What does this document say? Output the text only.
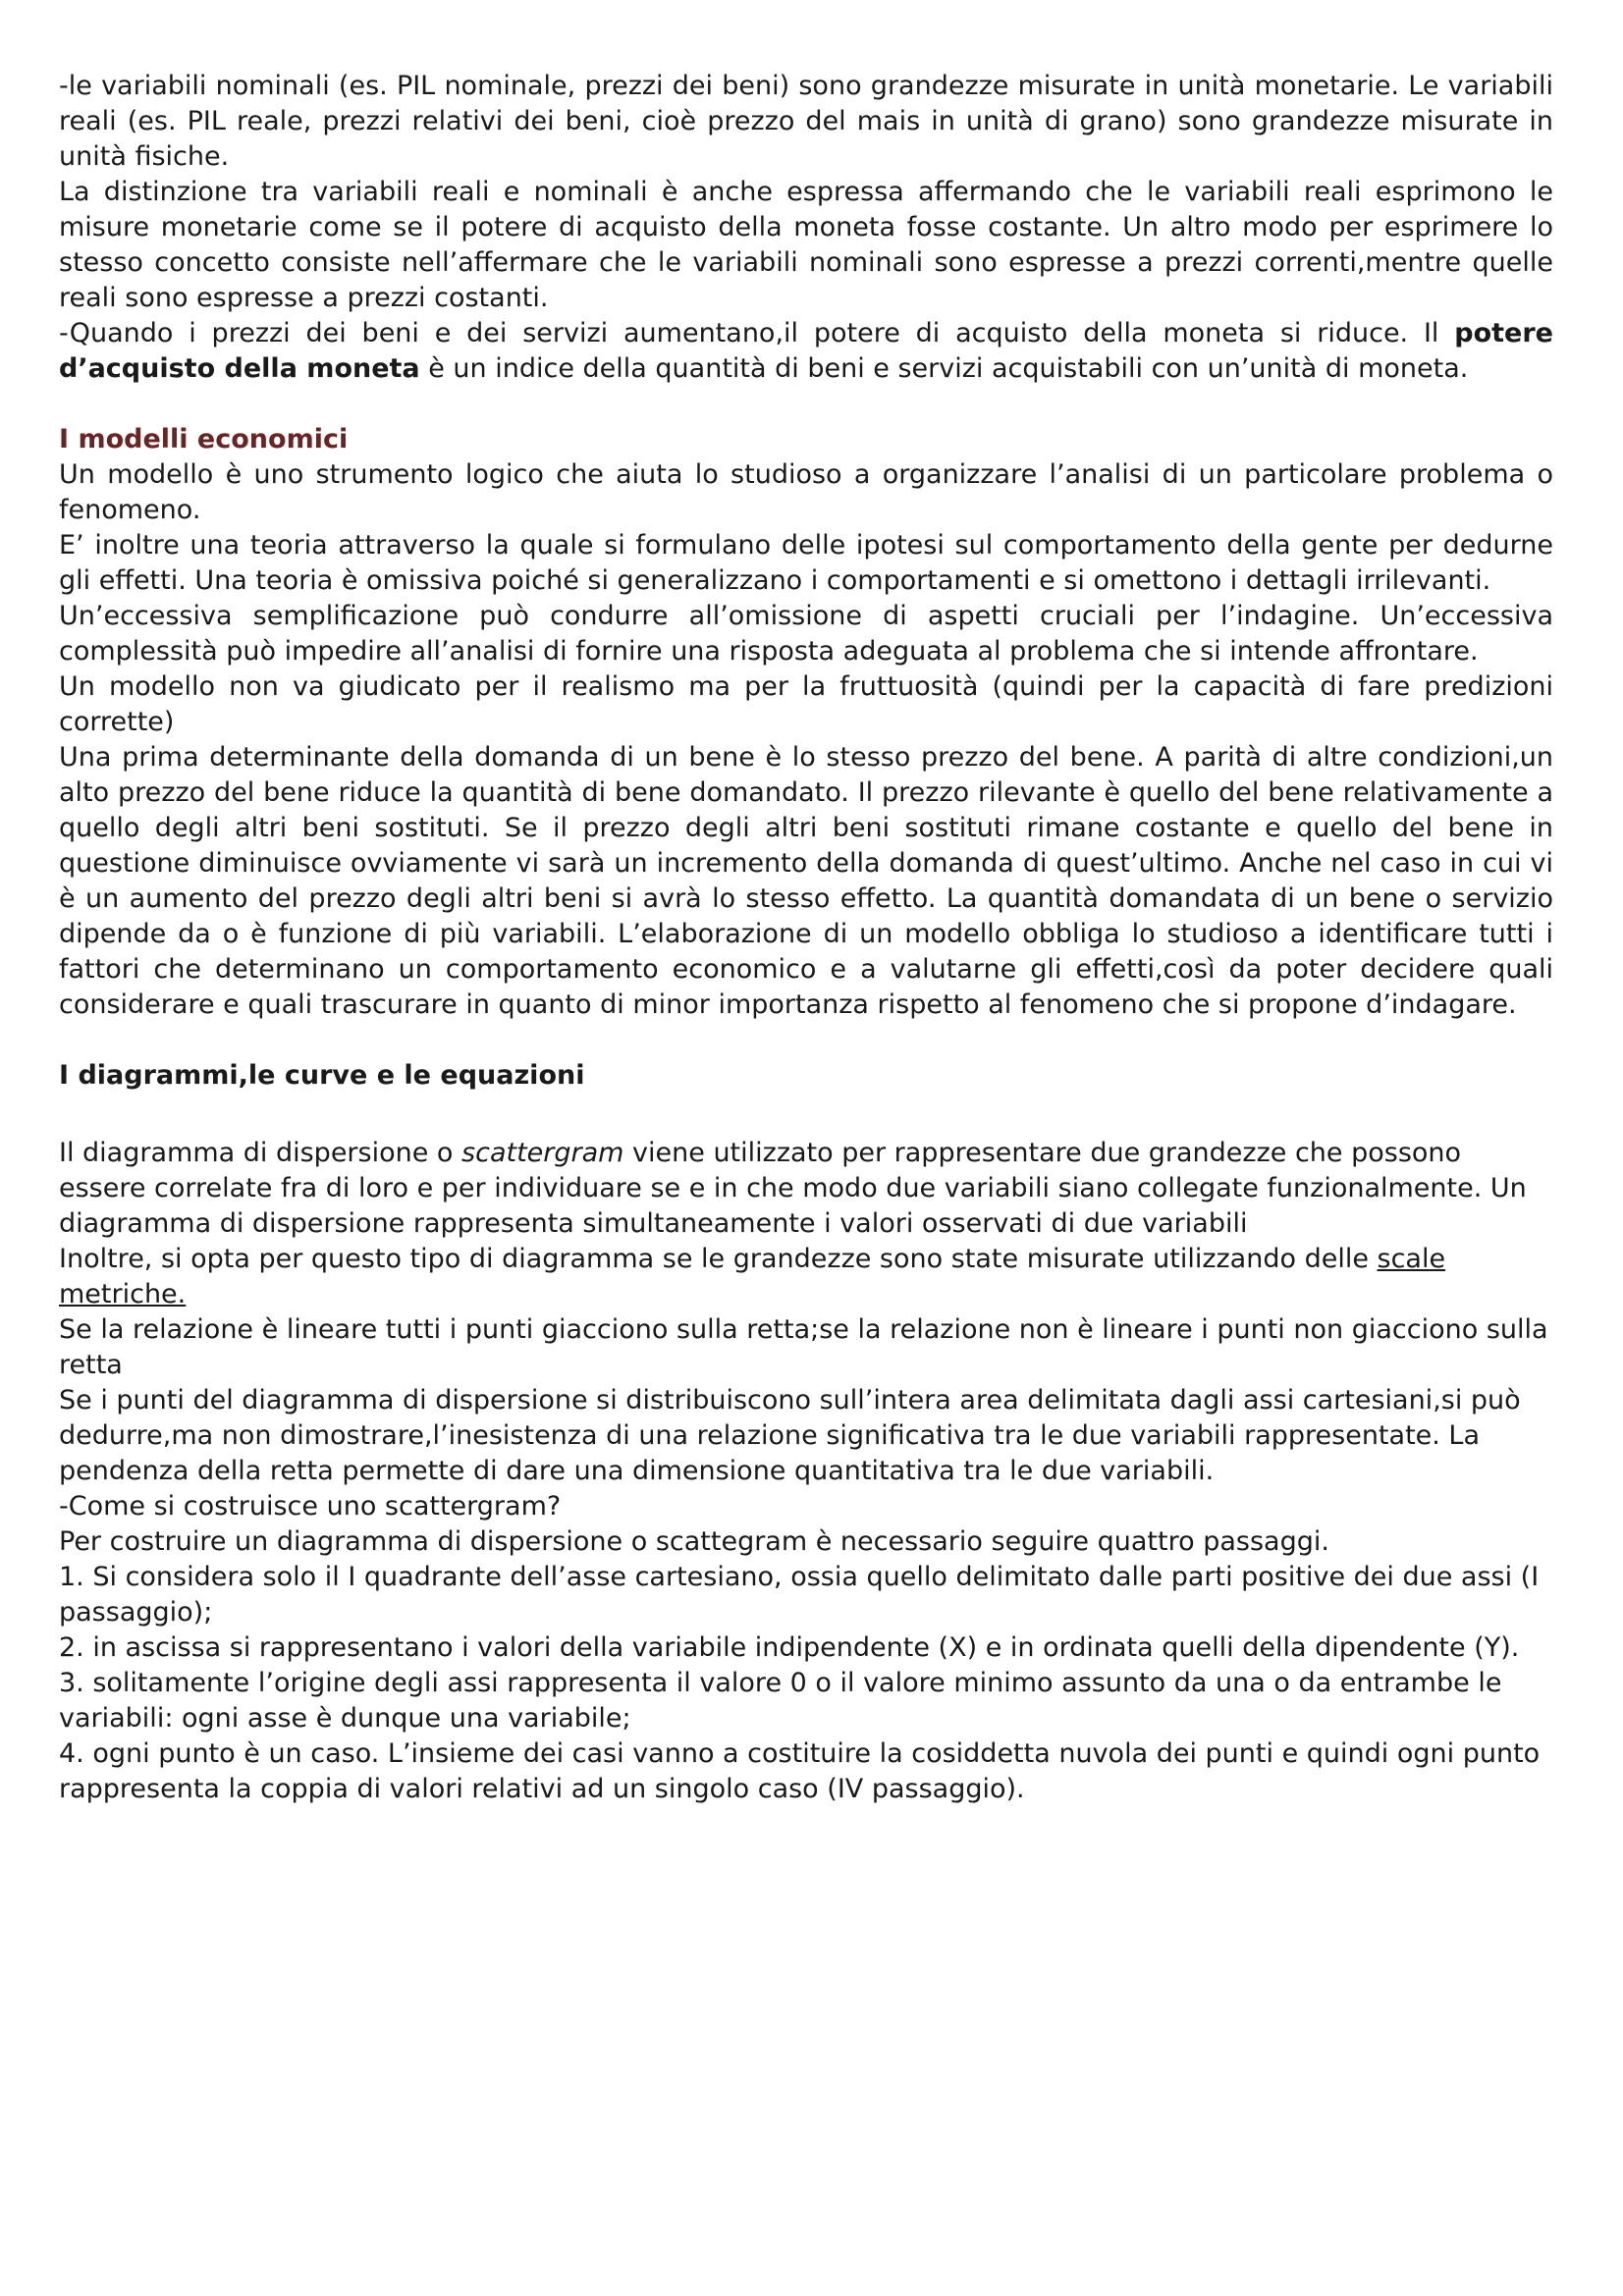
-le variabili nominali (es. PIL nominale, prezzi dei beni) sono grandezze misurate in unità monetarie. Le variabili reali (es. PIL reale, prezzi relativi dei beni, cioè prezzo del mais in unità di grano) sono grandezze misurate in unità fisiche.

La distinzione tra variabili reali e nominali è anche espressa affermando che le variabili reali esprimono le misure monetarie come se il potere di acquisto della moneta fosse costante. Un altro modo per esprimere lo stesso concetto consiste nell’affermare che le variabili nominali sono espresse a prezzi correnti,mentre quelle reali sono espresse a prezzi costanti.

-Quando i prezzi dei beni e dei servizi aumentano,il potere di acquisto della moneta si riduce. Il potere d’acquisto della moneta è un indice della quantità di beni e servizi acquistabili con un’unità di moneta.

I modelli economici

Un modello è uno strumento logico che aiuta lo studioso a organizzare l’analisi di un particolare problema o fenomeno.

E’ inoltre una teoria attraverso la quale si formulano delle ipotesi sul comportamento della gente per dedurne gli effetti. Una teoria è omissiva poiché si generalizzano i comportamenti e si omettono i dettagli irrilevanti.

Un’eccessiva semplificazione può condurre all’omissione di aspetti cruciali per l’indagine. Un’eccessiva complessità può impedire all’analisi di fornire una risposta adeguata al problema che si intende affrontare.

Un modello non va giudicato per il realismo ma per la fruttuosità (quindi per la capacità di fare predizioni corrette)

Una prima determinante della domanda di un bene è lo stesso prezzo del bene. A parità di altre condizioni,un alto prezzo del bene riduce la quantità di bene domandato. Il prezzo rilevante è quello del bene relativamente a quello degli altri beni sostituti. Se il prezzo degli altri beni sostituti rimane costante e quello del bene in questione diminuisce ovviamente vi sarà un incremento della domanda di quest’ultimo. Anche nel caso in cui vi è un aumento del prezzo degli altri beni si avrà lo stesso effetto. La quantità domandata di un bene o servizio dipende da o è funzione di più variabili. L’elaborazione di un modello obbliga lo studioso a identificare tutti i fattori che determinano un comportamento economico e a valutarne gli effetti,così da poter decidere quali considerare e quali trascurare in quanto di minor importanza rispetto al fenomeno che si propone d’indagare.

I diagrammi,le curve e le equazioni

Il diagramma di dispersione o scattergram viene utilizzato per rappresentare due grandezze che possono essere correlate fra di loro e per individuare se e in che modo due variabili siano collegate funzionalmente. Un diagramma di dispersione rappresenta simultaneamente i valori osservati di due variabili

Inoltre, si opta per questo tipo di diagramma se le grandezze sono state misurate utilizzando delle scale metriche.

Se la relazione è lineare tutti i punti giacciono sulla retta;se la relazione non è lineare i punti non giacciono sulla retta

Se i punti del diagramma di dispersione si distribuiscono sull’intera area delimitata dagli assi cartesiani,si può dedurre,ma non dimostrare,l’inesistenza di una relazione significativa tra le due variabili rappresentate. La pendenza della retta permette di dare una dimensione quantitativa tra le due variabili.

-Come si costruisce uno scattergram?

Per costruire un diagramma di dispersione o scattegram è necessario seguire quattro passaggi.

1. Si considera solo il I quadrante dell’asse cartesiano, ossia quello delimitato dalle parti positive dei due assi (I passaggio);

2. in ascissa si rappresentano i valori della variabile indipendente (X) e in ordinata quelli della dipendente (Y).

3. solitamente l’origine degli assi rappresenta il valore 0 o il valore minimo assunto da una o da entrambe le variabili: ogni asse è dunque una variabile;

4. ogni punto è un caso. L’insieme dei casi vanno a costituire la cosiddetta nuvola dei punti e quindi ogni punto rappresenta la coppia di valori relativi ad un singolo caso (IV passaggio).
